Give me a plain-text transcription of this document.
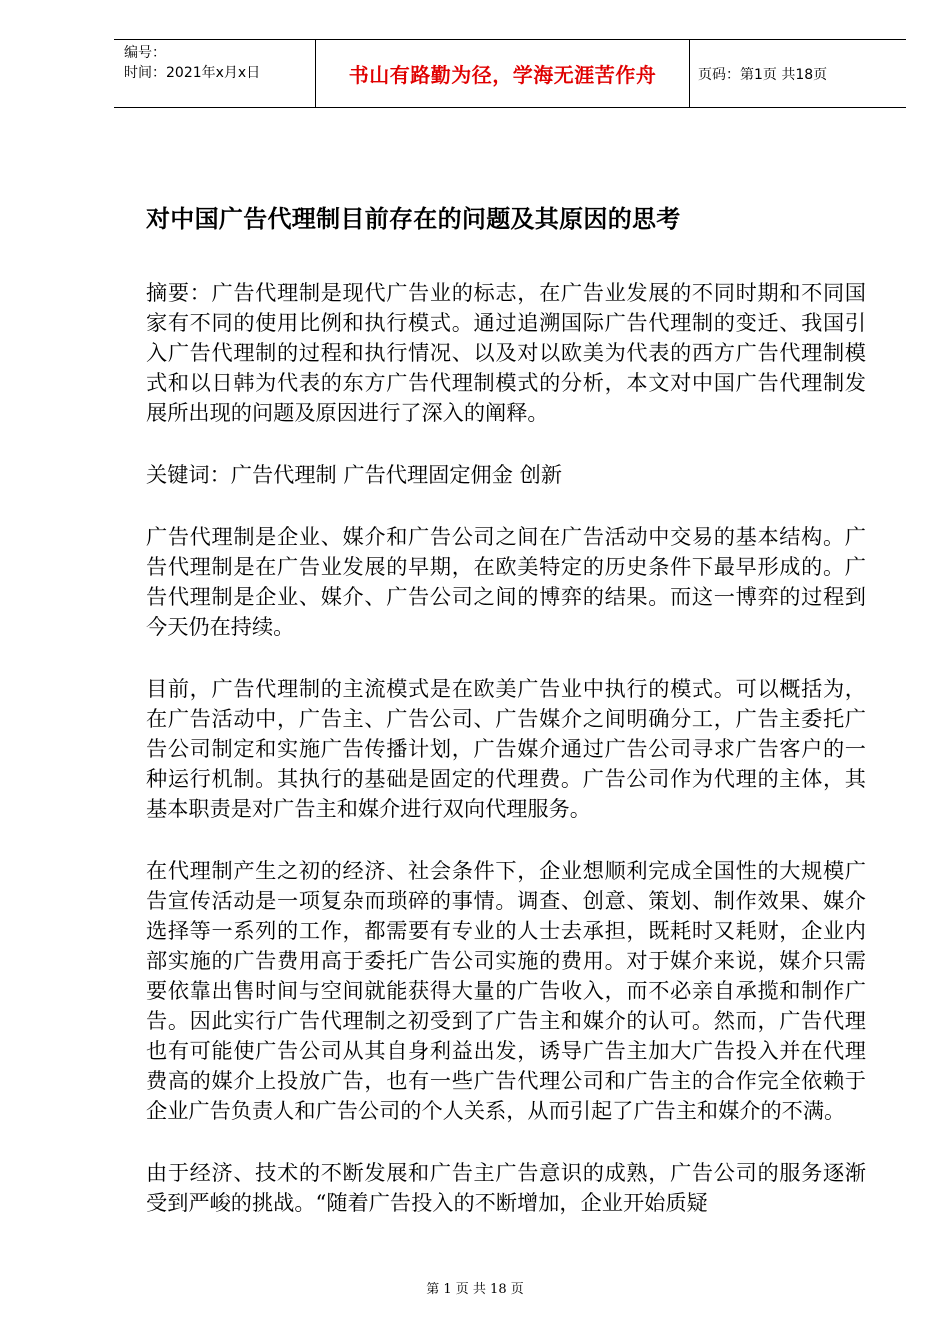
编号：
时间：2021年x月x日	书山有路勤为径，学海无涯苦作舟	页码：第1页 共18页
对中国广告代理制目前存在的问题及其原因的思考

摘要：广告代理制是现代广告业的标志，在广告业发展的不同时期和不同国家有不同的使用比例和执行模式。通过追溯国际广告代理制的变迁、我国引入广告代理制的过程和执行情况、以及对以欧美为代表的西方广告代理制模式和以日韩为代表的东方广告代理制模式的分析，本文对中国广告代理制发展所出现的问题及原因进行了深入的阐释。

关键词：广告代理制 广告代理固定佣金 创新

广告代理制是企业、媒介和广告公司之间在广告活动中交易的基本结构。广告代理制是在广告业发展的早期，在欧美特定的历史条件下最早形成的。广告代理制是企业、媒介、广告公司之间的博弈的结果。而这一博弈的过程到今天仍在持续。

目前，广告代理制的主流模式是在欧美广告业中执行的模式。可以概括为，在广告活动中，广告主、广告公司、广告媒介之间明确分工，广告主委托广告公司制定和实施广告传播计划，广告媒介通过广告公司寻求广告客户的一种运行机制。其执行的基础是固定的代理费。广告公司作为代理的主体，其基本职责是对广告主和媒介进行双向代理服务。

在代理制产生之初的经济、社会条件下，企业想顺利完成全国性的大规模广告宣传活动是一项复杂而琐碎的事情。调查、创意、策划、制作效果、媒介选择等一系列的工作，都需要有专业的人士去承担，既耗时又耗财，企业内部实施的广告费用高于委托广告公司实施的费用。对于媒介来说，媒介只需要依靠出售时间与空间就能获得大量的广告收入，而不必亲自承揽和制作广告。因此实行广告代理制之初受到了广告主和媒介的认可。然而，广告代理也有可能使广告公司从其自身利益出发，诱导广告主加大广告投入并在代理费高的媒介上投放广告，也有一些广告代理公司和广告主的合作完全依赖于企业广告负责人和广告公司的个人关系，从而引起了广告主和媒介的不满。

由于经济、技术的不断发展和广告主广告意识的成熟，广告公司的服务逐渐受到严峻的挑战。“随着广告投入的不断增加，企业开始质疑

第 1 页 共 18 页
